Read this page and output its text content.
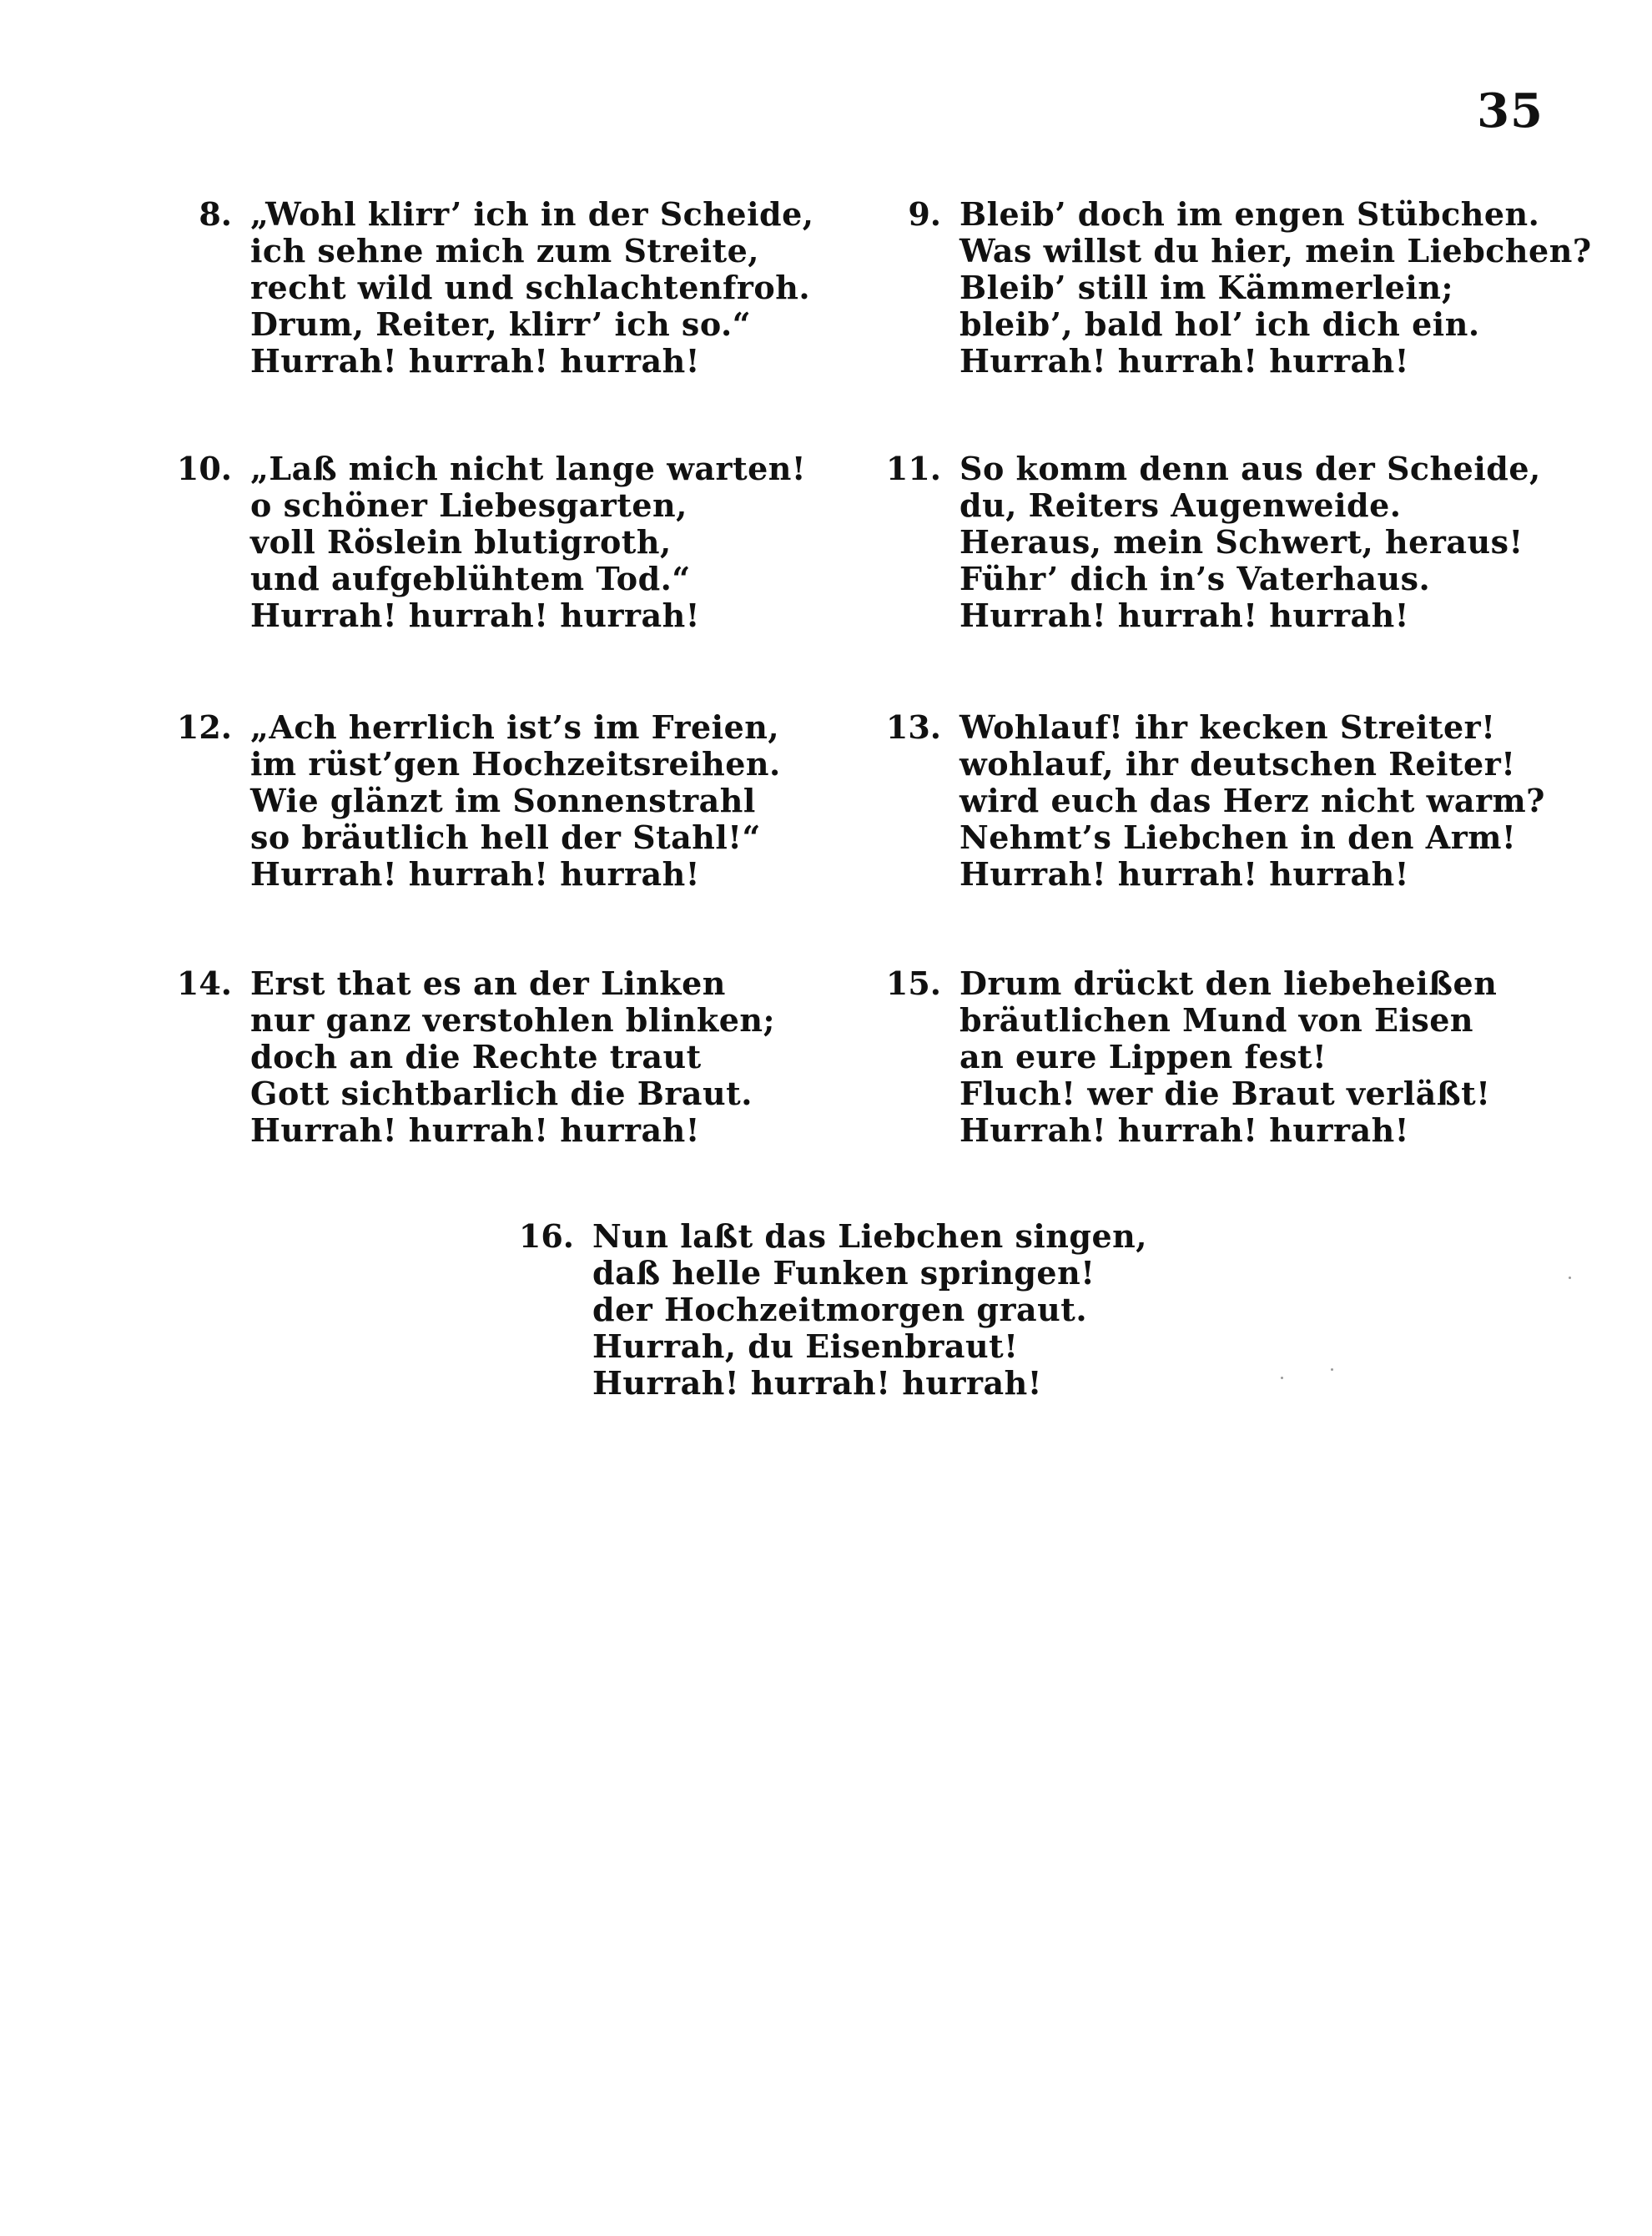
35
8. „Wohl klirr’ ich in der Scheide,
ich sehne mich zum Streite,
recht wild und schlachtenfroh.
Drum, Reiter, klirr’ ich so.“
Hurrah! hurrah! hurrah!
9. Bleib’ doch im engen Stübchen.
Was willst du hier, mein Liebchen?
Bleib’ still im Kämmerlein;
bleib’, bald hol’ ich dich ein.
Hurrah! hurrah! hurrah!
10. „Laß mich nicht lange warten!
o schöner Liebesgarten,
voll Röslein blutigroth,
und aufgeblühtem Tod.“
Hurrah! hurrah! hurrah!
11. So komm denn aus der Scheide,
du, Reiters Augenweide.
Heraus, mein Schwert, heraus!
Führ’ dich in’s Vaterhaus.
Hurrah! hurrah! hurrah!
12. „Ach herrlich ist’s im Freien,
im rüst’gen Hochzeitsreihen.
Wie glänzt im Sonnenstrahl
so bräutlich hell der Stahl!“
Hurrah! hurrah! hurrah!
13. Wohlauf! ihr kecken Streiter!
wohlauf, ihr deutschen Reiter!
wird euch das Herz nicht warm?
Nehmt’s Liebchen in den Arm!
Hurrah! hurrah! hurrah!
14. Erst that es an der Linken
nur ganz verstohlen blinken;
doch an die Rechte traut
Gott sichtbarlich die Braut.
Hurrah! hurrah! hurrah!
15. Drum drückt den liebeheißen
bräutlichen Mund von Eisen
an eure Lippen fest!
Fluch! wer die Braut verläßt!
Hurrah! hurrah! hurrah!
16. Nun laßt das Liebchen singen,
daß helle Funken springen!
der Hochzeitmorgen graut.
Hurrah, du Eisenbraut!
Hurrah! hurrah! hurrah!
